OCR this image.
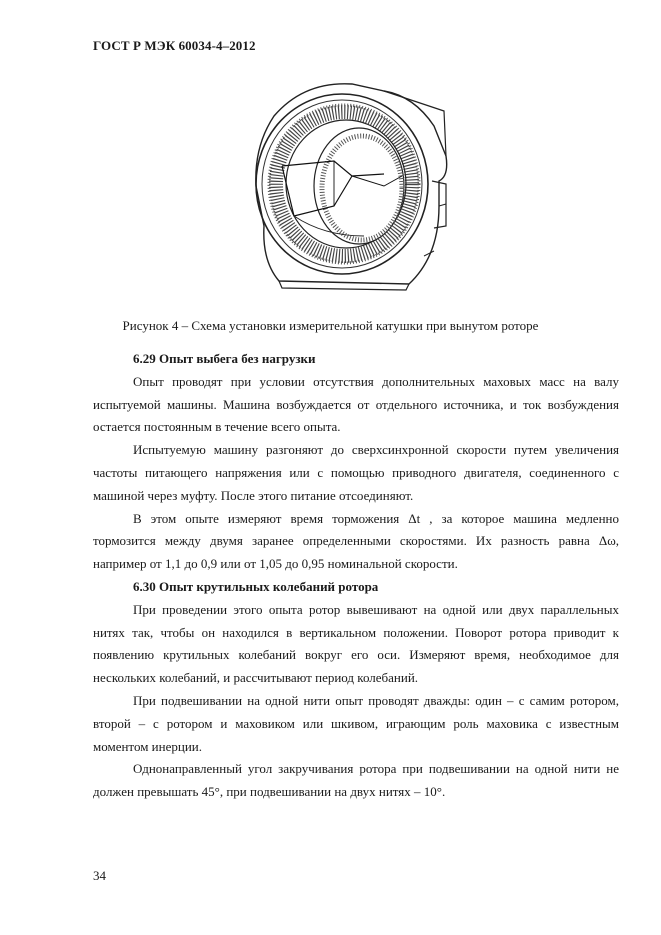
ГОСТ Р МЭК 60034-4–2012
Рисунок 4 – Схема установки измерительной катушки при вынутом роторе
6.29 Опыт выбега без нагрузки

Опыт проводят при условии отсутствия дополнительных маховых масс на валу испытуемой машины. Машина возбуждается от отдельного источника, и ток возбуждения остается постоянным в течение всего опыта.

Испытуемую машину разгоняют до сверхсинхронной скорости путем увеличения частоты питающего напряжения или с помощью приводного двигателя, соединенного с машиной через муфту. После этого питание отсоединяют.

В этом опыте измеряют время торможения Δt , за которое машина медленно тормозится между двумя заранее определенными скоростями. Их разность равна Δω, например от 1,1 до 0,9 или от 1,05 до 0,95 номинальной скорости.

6.30 Опыт крутильных колебаний ротора

При проведении этого опыта ротор вывешивают на одной или двух параллельных нитях так, чтобы он находился в вертикальном положении. Поворот ротора приводит к появлению крутильных колебаний вокруг его оси. Измеряют время, необходимое для нескольких колебаний, и рассчитывают период колебаний.

При подвешивании на одной нити опыт проводят дважды: один – с самим ротором, второй – с ротором и маховиком или шкивом, играющим роль маховика с известным моментом инерции.

Однонаправленный угол закручивания ротора при подвешивании на одной нити не должен превышать 45°, при подвешивании на двух нитях – 10°.

34
